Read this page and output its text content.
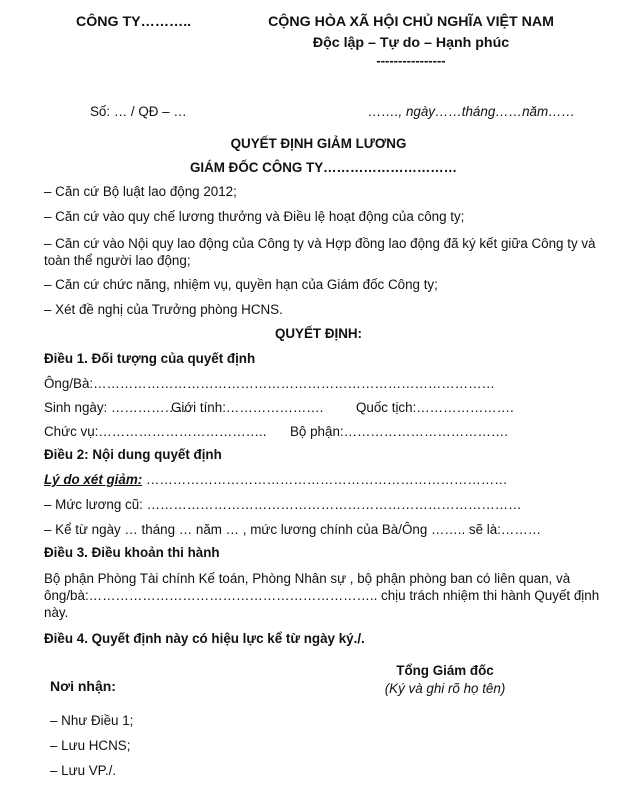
CÔNG TY………..	CỘNG HÒA XÃ HỘI CHỦ NGHĨA VIỆT NAM
Độc lập – Tự do – Hạnh phúc
----------------
Số: … / QĐ – …	……., ngày……tháng……năm……
QUYẾT ĐỊNH GIẢM LƯƠNG
GIÁM ĐỐC CÔNG TY…………………………
– Căn cứ Bộ luật lao động 2012;
– Căn cứ vào quy chế lương thưởng và Điều lệ hoạt động của công ty;
– Căn cứ vào Nội quy lao động của Công ty và Hợp đồng lao động đã ký kết giữa Công ty và toàn thể người lao động;
– Căn cứ chức năng, nhiệm vụ, quyền hạn của Giám đốc Công ty;
– Xét đề nghị của Trưởng phòng HCNS.
QUYẾT ĐỊNH:
Điều 1. Đối tượng của quyết định
Ông/Bà:………………………………………………………………………………
Sinh ngày: ………………
Giới tính:…………………. Quốc tịch:………………….
Chức vụ:……………………………….. Bộ phận:……………………………….
Điều 2: Nội dung quyết định
Lý do xét giảm: ………………………………………………………………………
– Mức lương cũ: …………………………………………………………………………
– Kể từ ngày … tháng … năm … , mức lương chính của Bà/Ông …….. sẽ là:………
Điều 3. Điều khoản thi hành
Bộ phận Phòng Tài chính Kế toán, Phòng Nhân sự , bộ phận phòng ban có liên quan, và ông/bà:……………………………………………………….. chịu trách nhiệm thi hành Quyết định này.
Điều 4. Quyết định này có hiệu lực kể từ ngày ký./.
Tổng Giám đốc
(Ký và ghi rõ họ tên)
Nơi nhận:
– Như Điều 1;
– Lưu HCNS;
– Lưu VP./.
